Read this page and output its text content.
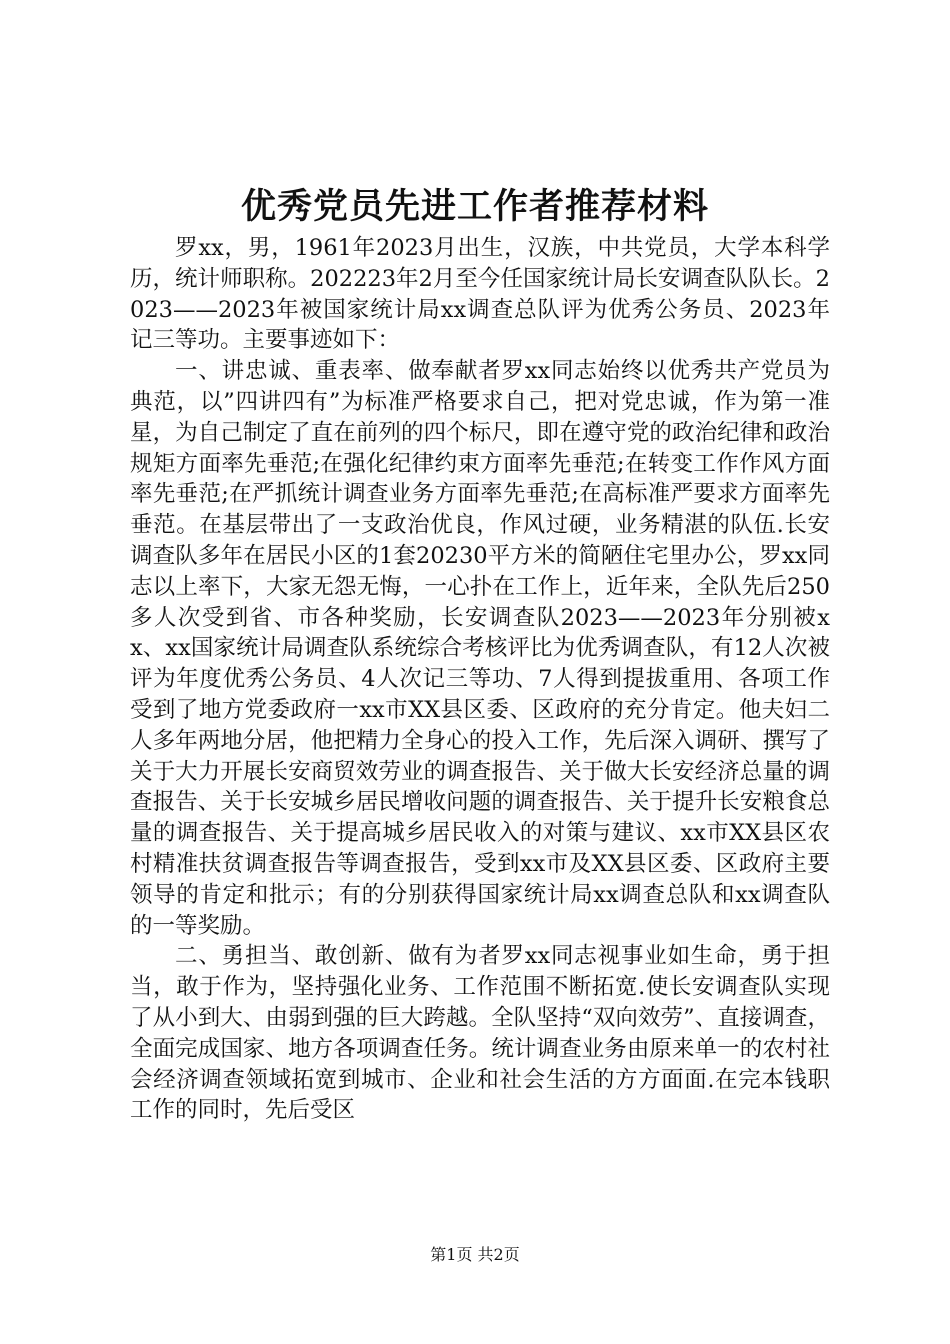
优秀党员先进工作者推荐材料

罗xx，男，1961年2023月出生，汉族，中共党员，大学本科学历，统计师职称。202223年2月至今任国家统计局长安调查队队长。2023——2023年被国家统计局xx调查总队评为优秀公务员、2023年记三等功。主要事迹如下：

一、讲忠诚、重表率、做奉献者罗xx同志始终以优秀共产党员为典范，以”四讲四有”为标准严格要求自己，把对党忠诚，作为第一准星，为自己制定了直在前列的四个标尺，即在遵守党的政治纪律和政治规矩方面率先垂范;在强化纪律约束方面率先垂范;在转变工作作风方面率先垂范;在严抓统计调查业务方面率先垂范;在高标准严要求方面率先垂范。在基层带出了一支政治优良，作风过硬，业务精湛的队伍.长安调查队多年在居民小区的1套20230平方米的简陋住宅里办公，罗xx同志以上率下，大家无怨无悔，一心扑在工作上，近年来，全队先后250多人次受到省、市各种奖励，长安调查队2023——2023年分别被xx、xx国家统计局调查队系统综合考核评比为优秀调查队，有12人次被评为年度优秀公务员、4人次记三等功、7人得到提拔重用、各项工作受到了地方党委政府一xx市XX县区委、区政府的充分肯定。他夫妇二人多年两地分居，他把精力全身心的投入工作，先后深入调研、撰写了关于大力开展长安商贸效劳业的调查报告、关于做大长安经济总量的调查报告、关于长安城乡居民增收问题的调查报告、关于提升长安粮食总量的调查报告、关于提高城乡居民收入的对策与建议、xx市XX县区农村精准扶贫调查报告等调查报告，受到xx市及XX县区委、区政府主要领导的肯定和批示；有的分别获得国家统计局xx调查总队和xx调查队的一等奖励。

二、勇担当、敢创新、做有为者罗xx同志视事业如生命，勇于担当，敢于作为，坚持强化业务、工作范围不断拓宽.使长安调查队实现了从小到大、由弱到强的巨大跨越。全队坚持“双向效劳”、直接调查，全面完成国家、地方各项调查任务。统计调查业务由原来单一的农村社会经济调查领域拓宽到城市、企业和社会生活的方方面面.在完本钱职工作的同时，先后受区

第1页 共2页
